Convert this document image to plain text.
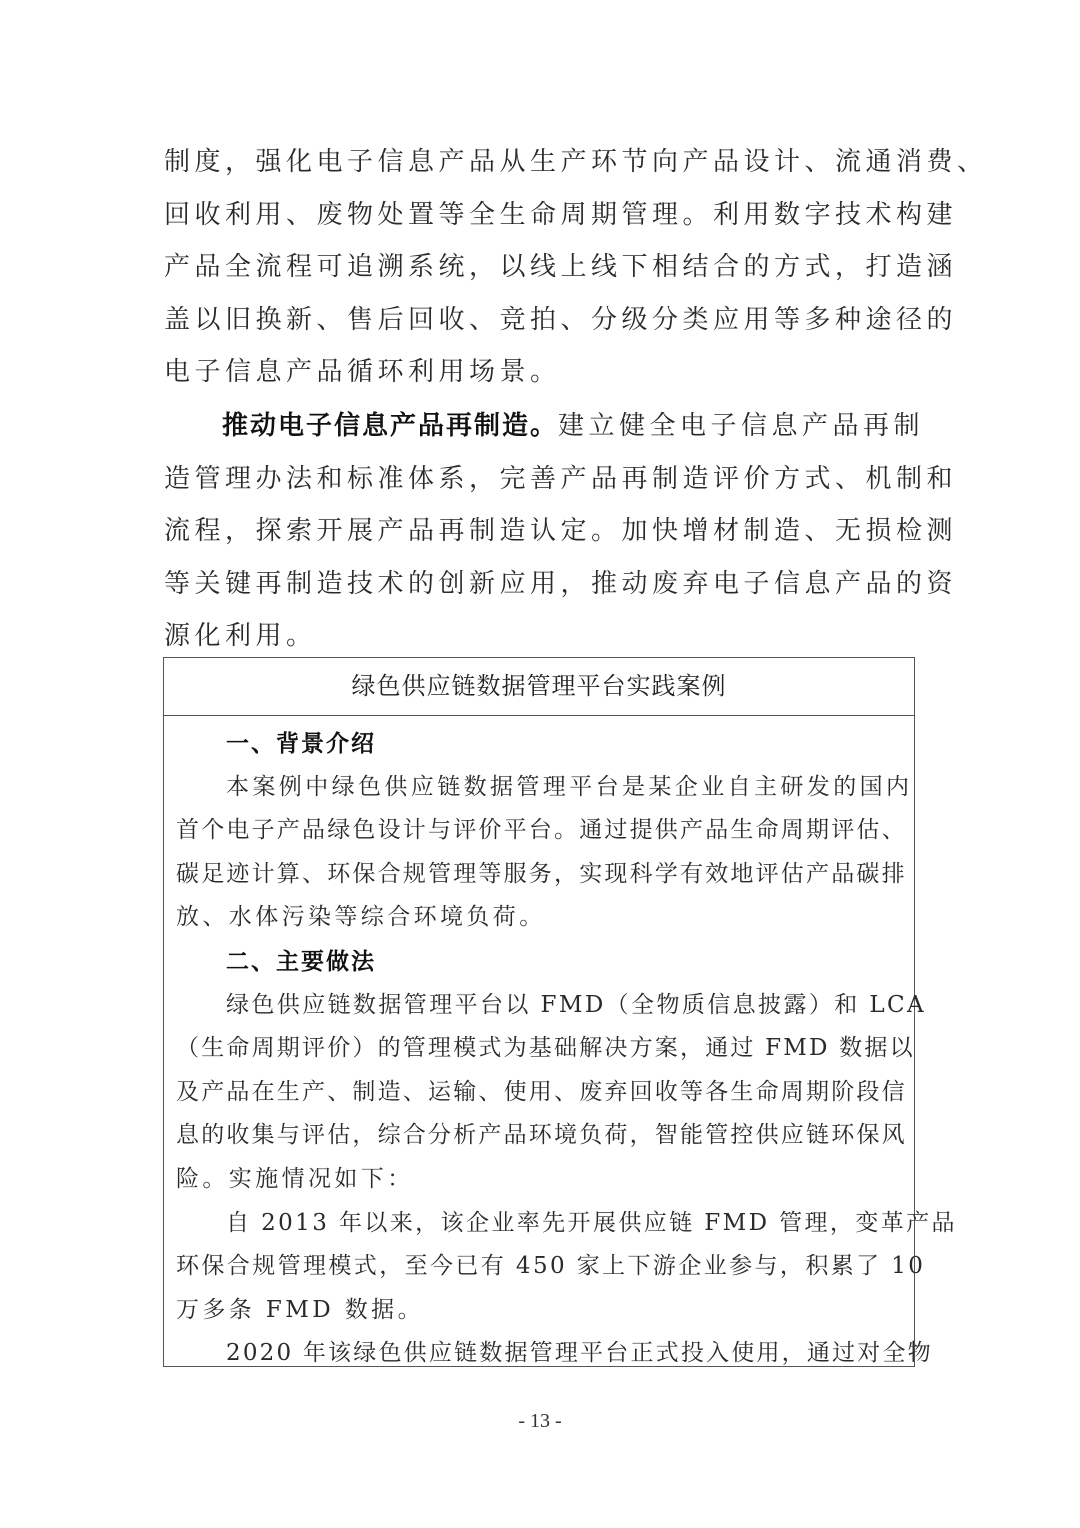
制度，强化电子信息产品从生产环节向产品设计、流通消费、
回收利用、废物处置等全生命周期管理。利用数字技术构建
产品全流程可追溯系统，以线上线下相结合的方式，打造涵
盖以旧换新、售后回收、竞拍、分级分类应用等多种途径的
电子信息产品循环利用场景。
推动电子信息产品再制造。建立健全电子信息产品再制
造管理办法和标准体系，完善产品再制造评价方式、机制和
流程，探索开展产品再制造认定。加快增材制造、无损检测
等关键再制造技术的创新应用，推动废弃电子信息产品的资
源化利用。
绿色供应链数据管理平台实践案例
一、背景介绍
本案例中绿色供应链数据管理平台是某企业自主研发的国内
首个电子产品绿色设计与评价平台。通过提供产品生命周期评估、
碳足迹计算、环保合规管理等服务，实现科学有效地评估产品碳排
放、水体污染等综合环境负荷。
二、主要做法
绿色供应链数据管理平台以 FMD（全物质信息披露）和 LCA
（生命周期评价）的管理模式为基础解决方案，通过 FMD 数据以
及产品在生产、制造、运输、使用、废弃回收等各生命周期阶段信
息的收集与评估，综合分析产品环境负荷，智能管控供应链环保风
险。实施情况如下：
自 2013 年以来，该企业率先开展供应链 FMD 管理，变革产品
环保合规管理模式，至今已有 450 家上下游企业参与，积累了 10
万多条 FMD 数据。
2020 年该绿色供应链数据管理平台正式投入使用，通过对全物
- 13 -
